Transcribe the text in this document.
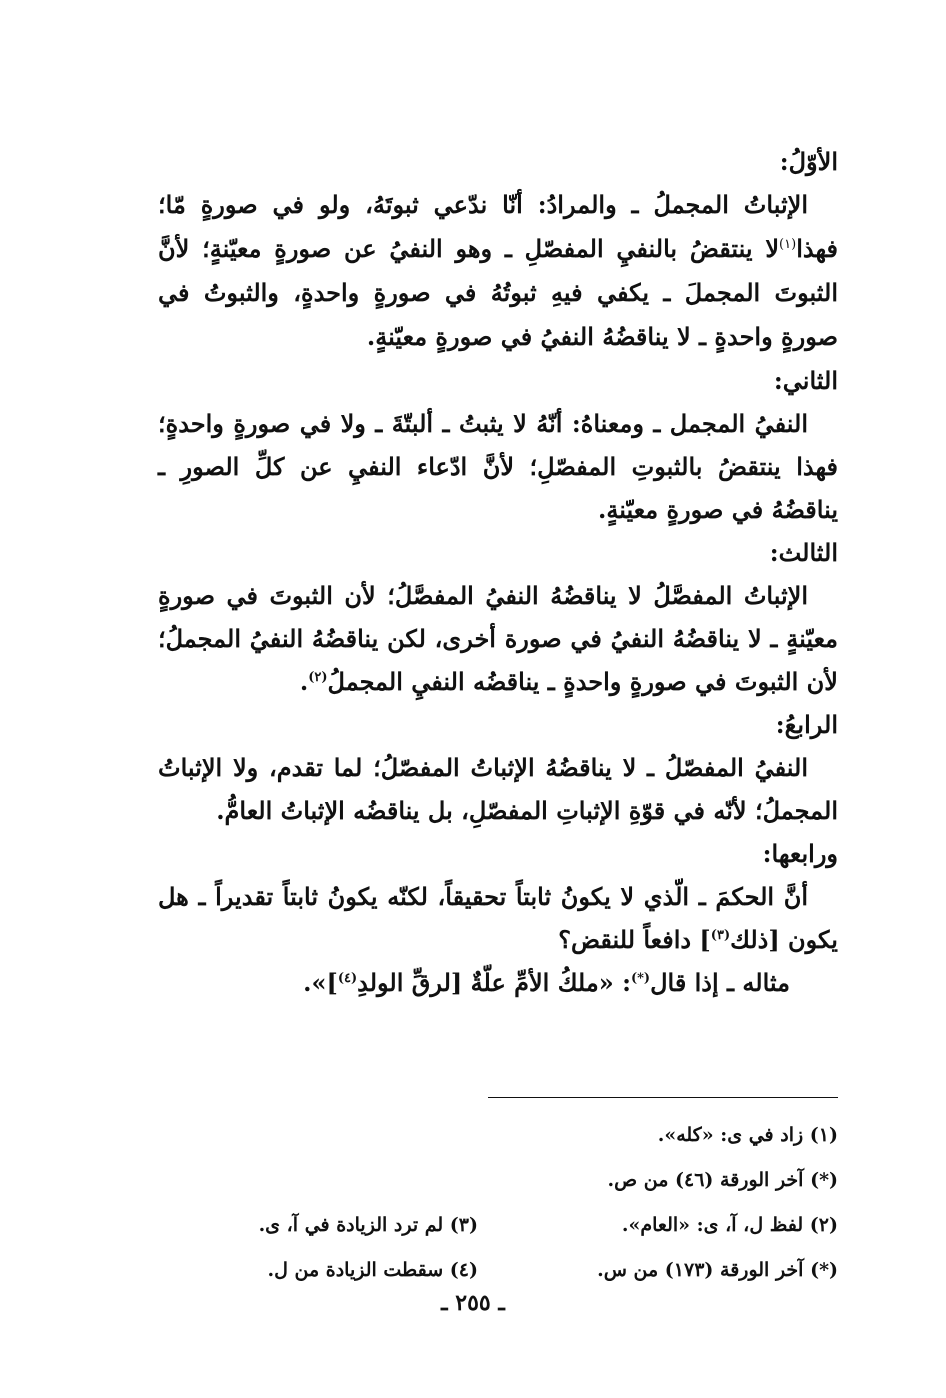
الأوّلُ:

الإثباتُ المجملُ ـ والمرادُ: أنّا ندّعي ثبوتَهُ، ولو في صورةٍ مّا؛ فهذا$^{(١)}$لا ينتقضُ بالنفيِ المفصّلِ ـ وهو النفيُ عن صورةٍ معيّنةٍ؛ لأنَّ الثبوتَ المجملَ ـ يكفي فيهِ ثبوتُهُ في صورةٍ واحدةٍ، والثبوتُ في صورةٍ واحدةٍ ـ لا يناقضُهُ النفيُ في صورةٍ معيّنةٍ.

الثاني:

النفيُ المجمل ـ ومعناهُ: أنّهُ لا يثبتُ ـ ألبتّةَ ـ ولا في صورةٍ واحدةٍ؛ فهذا ينتقضُ بالثبوتِ المفصّلِ؛ لأنَّ ادّعاء النفيِ عن كلِّ الصورِ ـ يناقضُهُ في صورةٍ معيّنةٍ.

الثالث:

الإثباتُ المفصَّلُ لا يناقضُهُ النفيُ المفصَّلُ؛ لأن الثبوتَ في صورةٍ معيّنةٍ ـ لا يناقضُهُ النفيُ في صورة أخرى، لكن يناقضُهُ النفيُ المجملُ؛ لأن الثبوتَ في صورةٍ واحدةٍ ـ يناقضُه النفيِ المجملُ$^{(٢)}$.

الرابعُ:

النفيُ المفصّلُ ـ لا يناقضُهُ الإثباتُ المفصّلُ؛ لما تقدم، ولا الإثباتُ المجملُ؛ لأنّه في قوّةِ الإثباتِ المفصّلِ، بل يناقضُه الإثباتُ العامُّ.

ورابعها:

أنَّ الحكمَ ـ الّذي لا يكونُ ثابتاً تحقيقاً، لكنّه يكونُ ثابتاً تقديراً ـ هل يكون [ذلك$^{(٣)}$] دافعاً للنقض؟

مثاله ـ إذا قال(*): «ملكُ الأمِّ علّةٌ [لرقِّ الولدِ$^{(٤)}$]».

(١) زاد في ى: «كله».
(*) آخر الورقة (٤٦) من ص.
(٢) لفظ ل، آ، ى: «العام».
(٣) لم ترد الزيادة في آ، ى.
(*) آخر الورقة (١٧٣) من س.
(٤) سقطت الزيادة من ل.
ـ ٢٥٥ ـ
